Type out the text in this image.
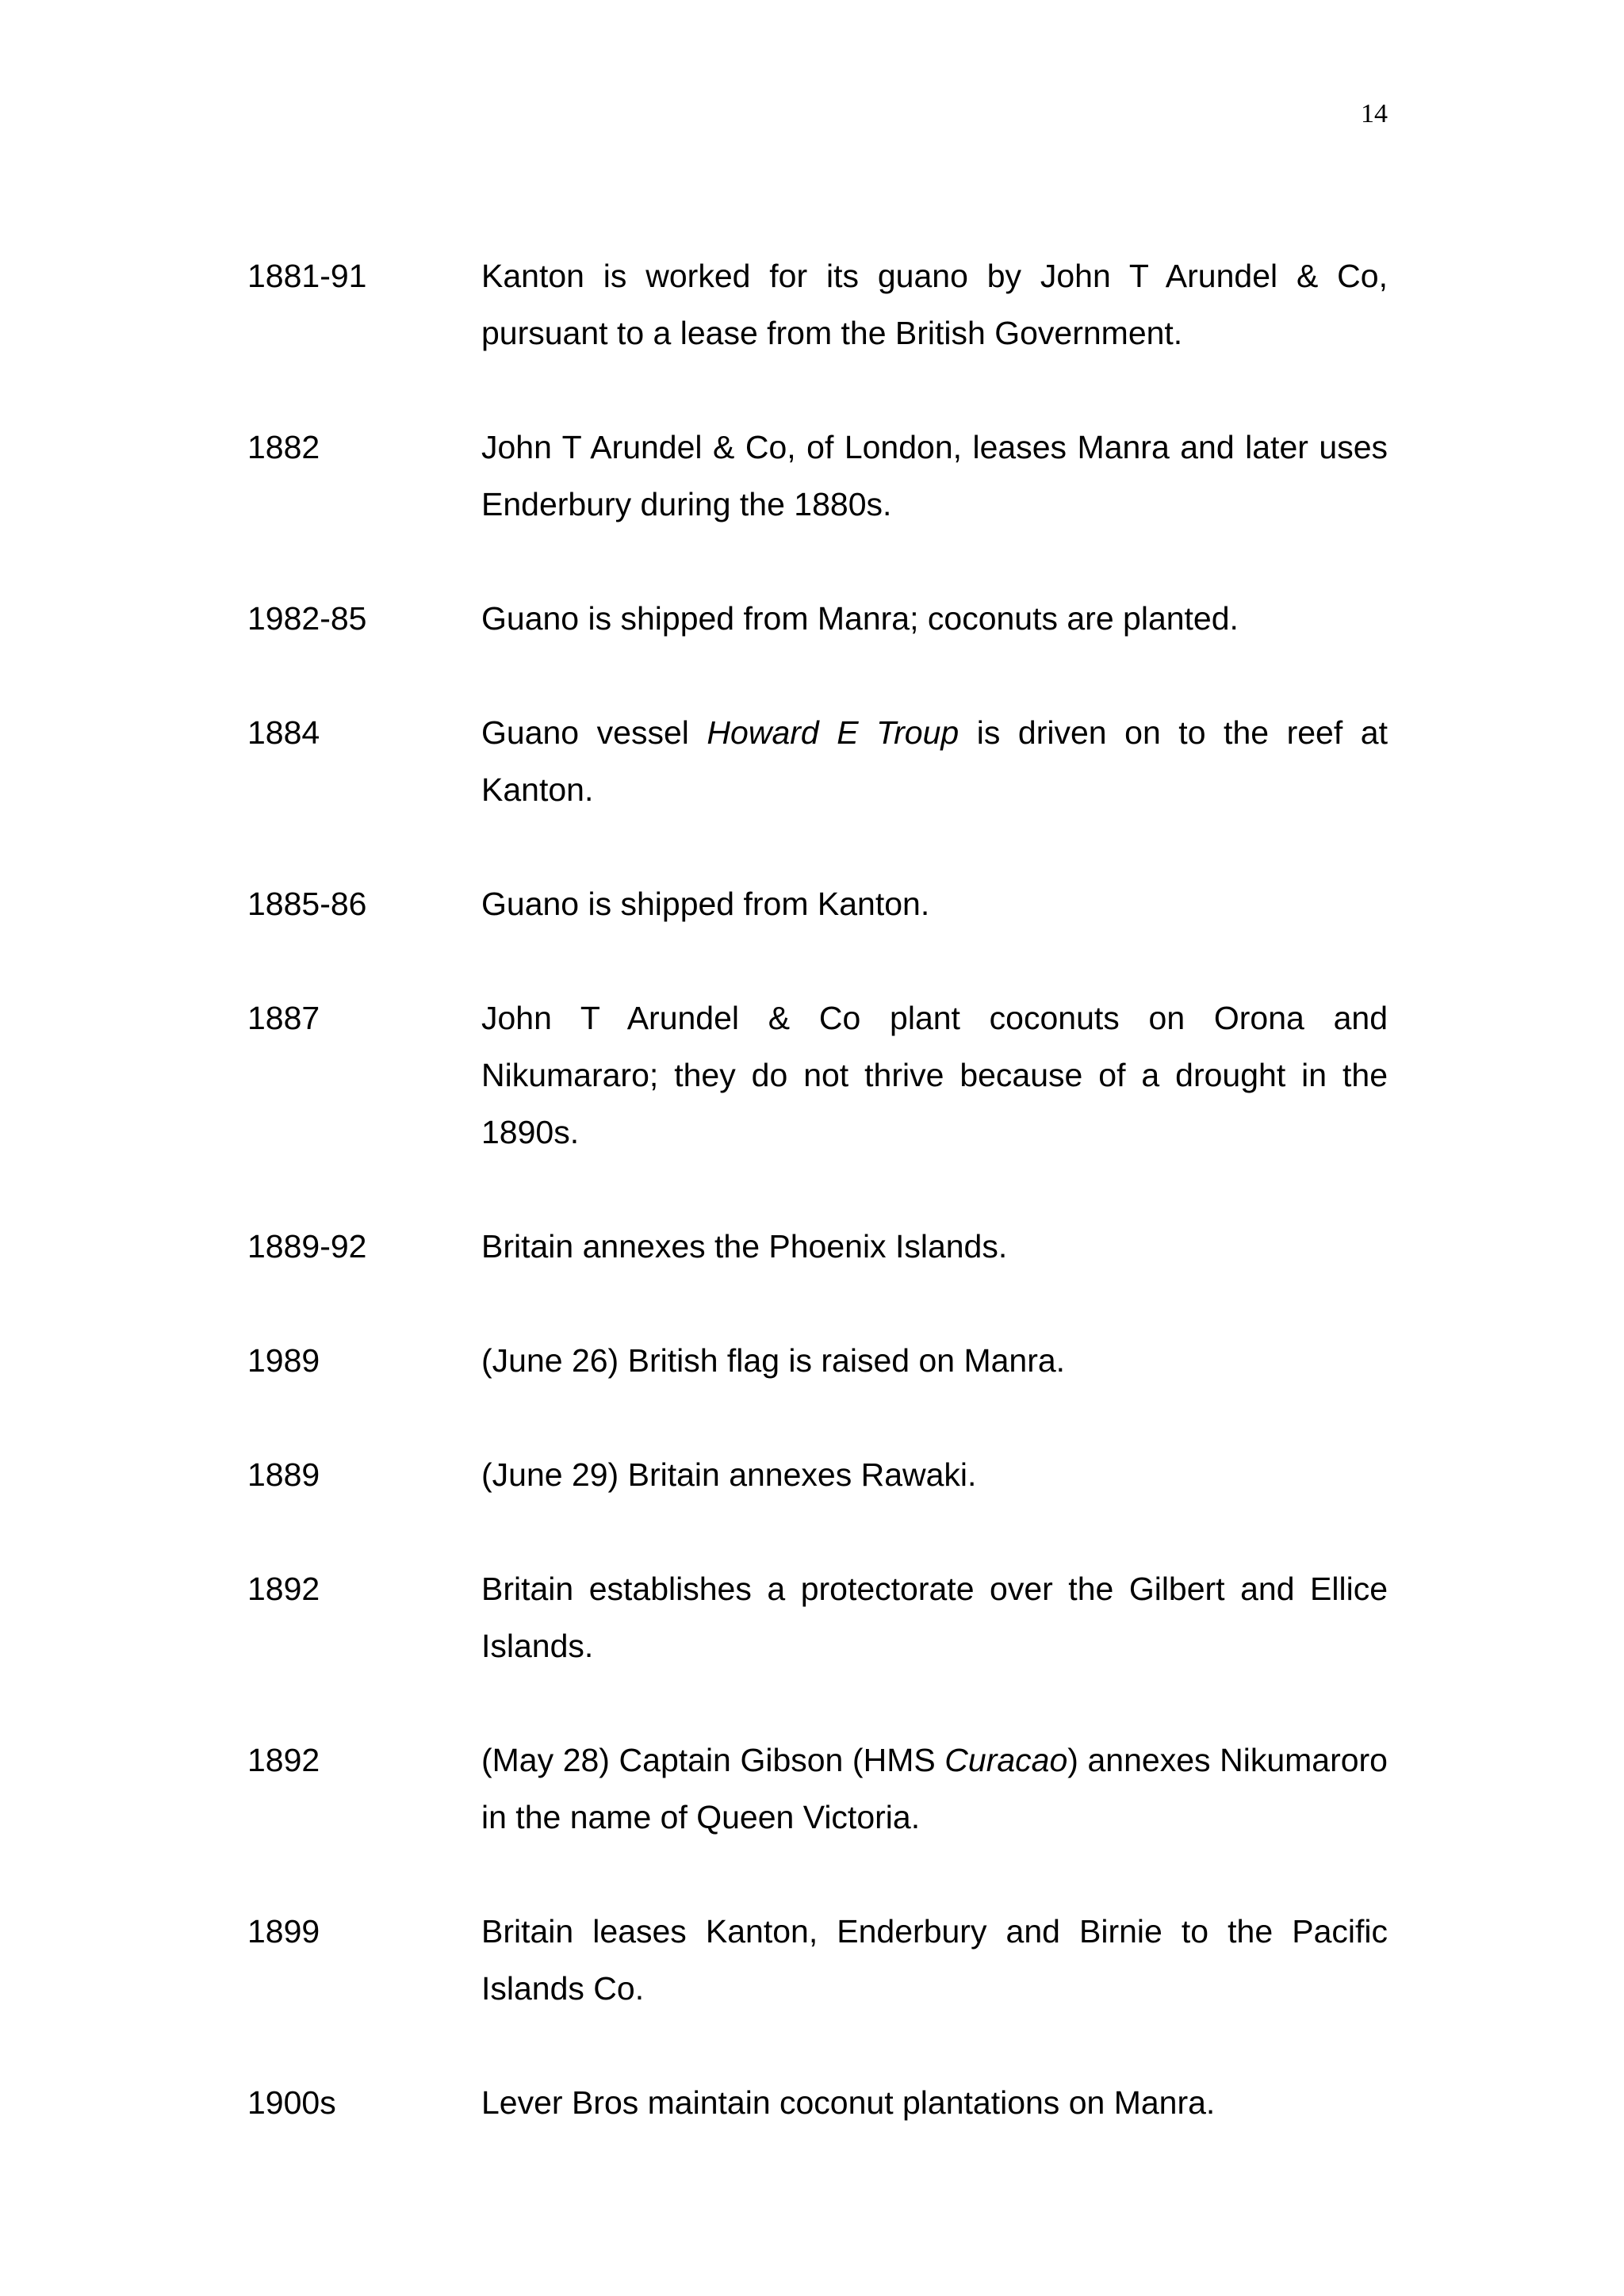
14
1881-91	Kanton is worked for its guano by John T Arundel & Co, pursuant to a lease from the British Government.
1882	John T Arundel & Co, of London, leases Manra and later uses Enderbury during the 1880s.
1982-85	Guano is shipped from Manra; coconuts are planted.
1884	Guano vessel Howard E Troup is driven on to the reef at Kanton.
1885-86	Guano is shipped from Kanton.
1887	John T Arundel & Co plant coconuts on Orona and Nikumararo; they do not thrive because of a drought in the 1890s.
1889-92	Britain annexes the Phoenix Islands.
1989	(June 26) British flag is raised on Manra.
1889	(June 29) Britain annexes Rawaki.
1892	Britain establishes a protectorate over the Gilbert and Ellice Islands.
1892	(May 28) Captain Gibson (HMS Curacao) annexes Nikumaroro in the name of Queen Victoria.
1899	Britain leases Kanton, Enderbury and Birnie to the Pacific Islands Co.
1900s	Lever Bros maintain coconut plantations on Manra.
